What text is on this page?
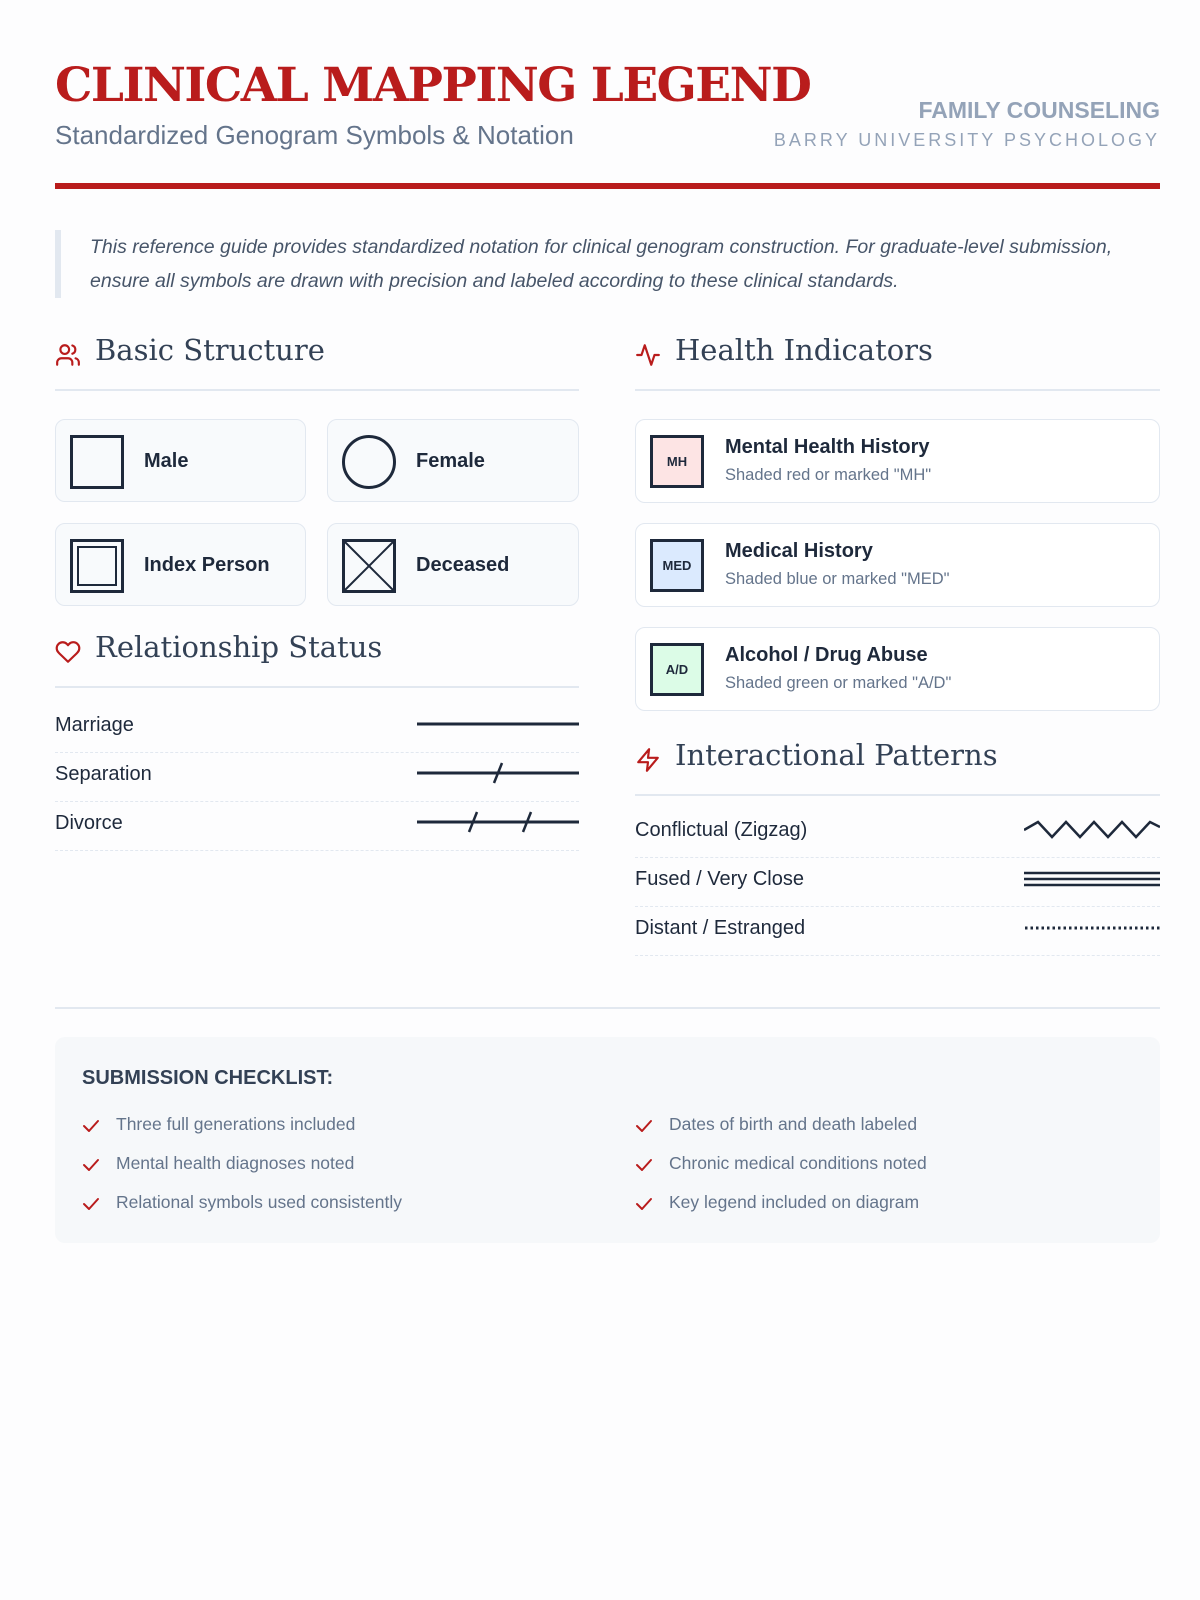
CLINICAL MAPPING LEGEND
Standardized Genogram Symbols & Notation
FAMILY COUNSELING
BARRY UNIVERSITY PSYCHOLOGY
This reference guide provides standardized notation for clinical genogram construction. For graduate-level submission, ensure all symbols are drawn with precision and labeled according to these clinical standards.
Basic Structure
Male	Female
Index Person	Deceased
Relationship Status
Marriage
Separation
Divorce
Health Indicators
MH
Mental Health History
Shaded red or marked "MH"
MED
Medical History
Shaded blue or marked "MED"
A/D
Alcohol / Drug Abuse
Shaded green or marked "A/D"
Interactional Patterns
Conflictual (Zigzag)
Fused / Very Close
Distant / Estranged
SUBMISSION CHECKLIST:
Three full generations included	Dates of birth and death labeled
Mental health diagnoses noted	Chronic medical conditions noted
Relational symbols used consistently	Key legend included on diagram
